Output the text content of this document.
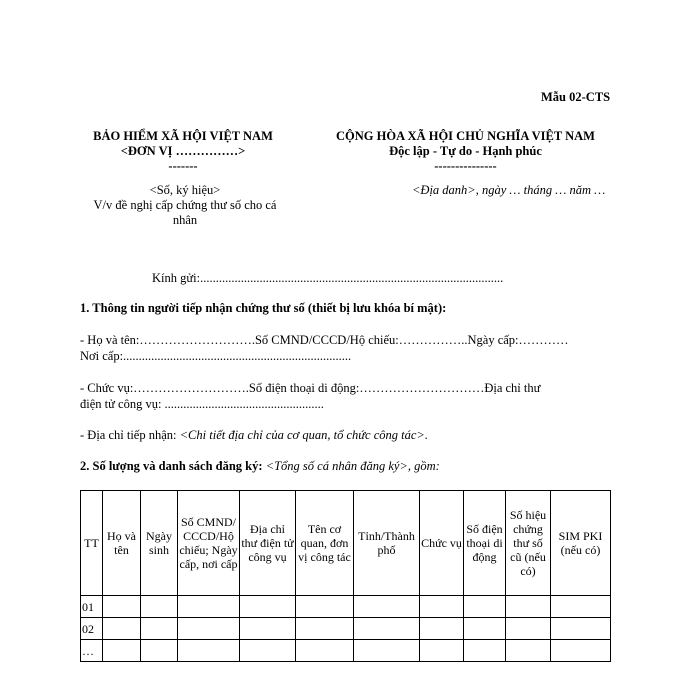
Mẫu 02-CTS
BẢO HIỂM XÃ HỘI VIỆT NAM
<ĐƠN VỊ ……………>
-------
CỘNG HÒA XÃ HỘI CHỦ NGHĨA VIỆT NAM
Độc lập - Tự do - Hạnh phúc
---------------
<Số, ký hiệu>
V/v đề nghị cấp chứng thư số cho cá
nhân
<Địa danh>, ngày … tháng … năm …
Kính gửi:.................................................................................................
1. Thông tin người tiếp nhận chứng thư số (thiết bị lưu khóa bí mật):
- Họ và tên:……………………….Số CMND/CCCD/Hộ chiếu:……………..Ngày cấp:…………
Nơi cấp:.........................................................................
- Chức vụ:……………………….Số điện thoại di động:…………………………Địa chỉ thư
điện tử công vụ: ...................................................
- Địa chỉ tiếp nhận: <Chi tiết địa chỉ của cơ quan, tổ chức công tác>.
2. Số lượng và danh sách đăng ký: <Tổng số cá nhân đăng ký>, gồm:
TT	Họ và tên	Ngày sinh	Số CMND/ CCCD/Hộ chiếu; Ngày cấp, nơi cấp	Địa chỉ thư điện tử công vụ	Tên cơ quan, đơn vị công tác	Tỉnh/Thành phố	Chức vụ	Số điện thoại di động	Số hiệu chứng thư số cũ (nếu có)	SIM PKI (nếu có)
01										
02										
…										
